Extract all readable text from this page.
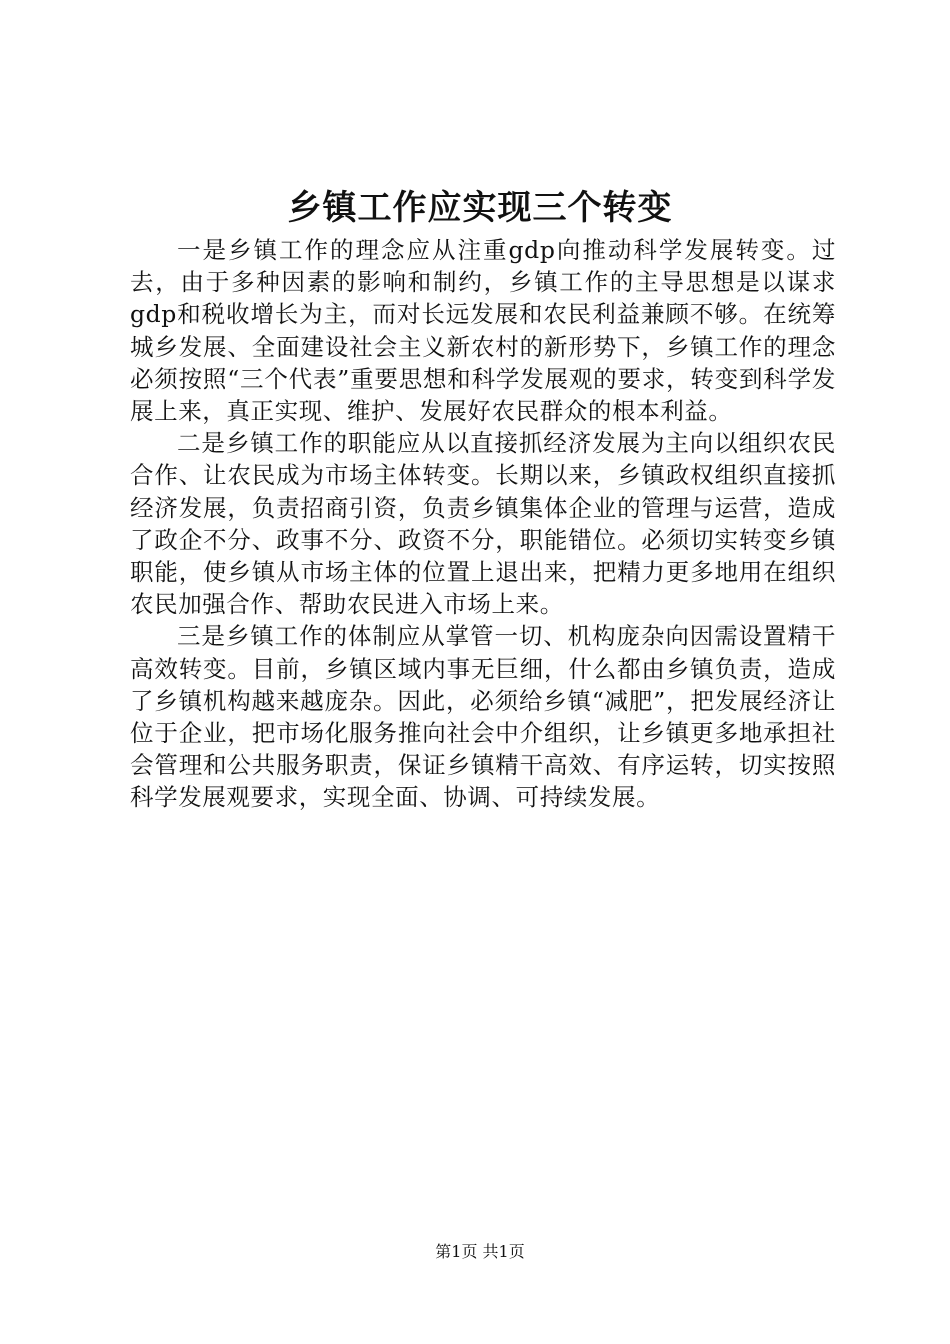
乡镇工作应实现三个转变

一是乡镇工作的理念应从注重gdp向推动科学发展转变。过去，由于多种因素的影响和制约，乡镇工作的主导思想是以谋求gdp和税收增长为主，而对长远发展和农民利益兼顾不够。在统筹城乡发展、全面建设社会主义新农村的新形势下，乡镇工作的理念必须按照“三个代表”重要思想和科学发展观的要求，转变到科学发展上来，真正实现、维护、发展好农民群众的根本利益。

二是乡镇工作的职能应从以直接抓经济发展为主向以组织农民合作、让农民成为市场主体转变。长期以来，乡镇政权组织直接抓经济发展，负责招商引资，负责乡镇集体企业的管理与运营，造成了政企不分、政事不分、政资不分，职能错位。必须切实转变乡镇职能，使乡镇从市场主体的位置上退出来，把精力更多地用在组织农民加强合作、帮助农民进入市场上来。

三是乡镇工作的体制应从掌管一切、机构庞杂向因需设置精干高效转变。目前，乡镇区域内事无巨细，什么都由乡镇负责，造成了乡镇机构越来越庞杂。因此，必须给乡镇“减肥”，把发展经济让位于企业，把市场化服务推向社会中介组织，让乡镇更多地承担社会管理和公共服务职责，保证乡镇精干高效、有序运转，切实按照科学发展观要求，实现全面、协调、可持续发展。

第1页 共1页
